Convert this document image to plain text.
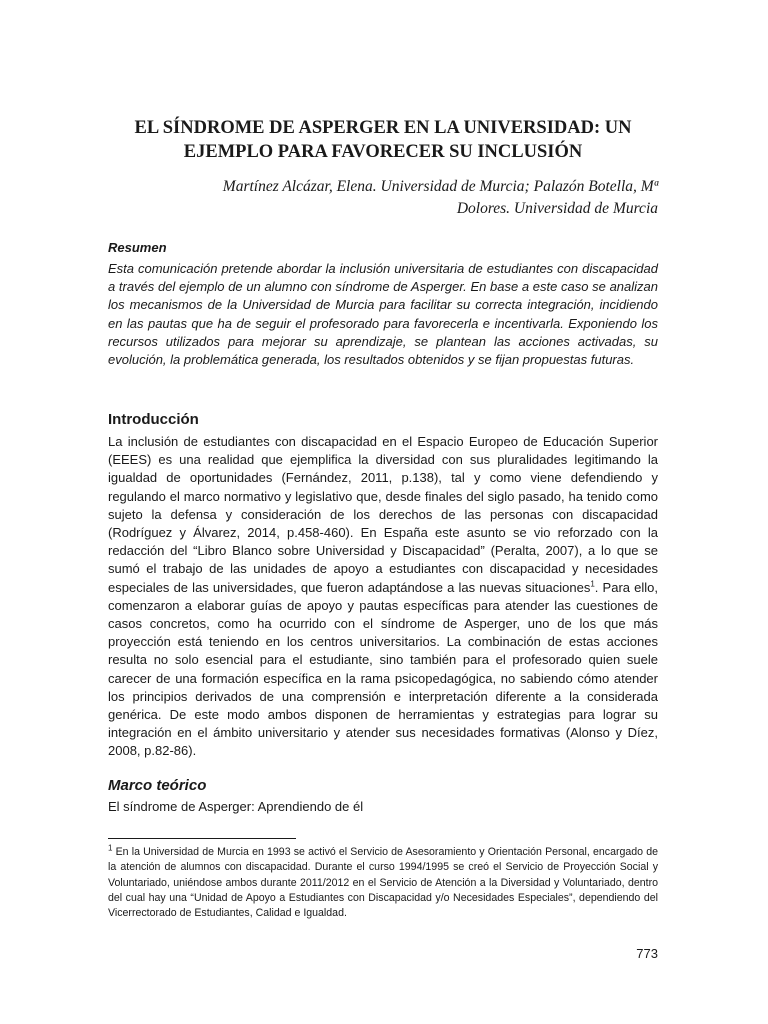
EL SÍNDROME DE ASPERGER EN LA UNIVERSIDAD: UN
EJEMPLO PARA FAVORECER SU INCLUSIÓN
Martínez Alcázar, Elena. Universidad de Murcia; Palazón Botella, Mª
Dolores. Universidad de Murcia
Resumen

Esta comunicación pretende abordar la inclusión universitaria de estudiantes con discapacidad a través del ejemplo de un alumno con síndrome de Asperger. En base a este caso se analizan los mecanismos de la Universidad de Murcia para facilitar su correcta integración, incidiendo en las pautas que ha de seguir el profesorado para favorecerla e incentivarla. Exponiendo los recursos utilizados para mejorar su aprendizaje, se plantean las acciones activadas, su evolución, la problemática generada, los resultados obtenidos y se fijan propuestas futuras.

Introducción

La inclusión de estudiantes con discapacidad en el Espacio Europeo de Educación Superior (EEES) es una realidad que ejemplifica la diversidad con sus pluralidades legitimando la igualdad de oportunidades (Fernández, 2011, p.138), tal y como viene defendiendo y regulando el marco normativo y legislativo que, desde finales del siglo pasado, ha tenido como sujeto la defensa y consideración de los derechos de las personas con discapacidad (Rodríguez y Álvarez, 2014, p.458-460). En España este asunto se vio reforzado con la redacción del “Libro Blanco sobre Universidad y Discapacidad” (Peralta, 2007), a lo que se sumó el trabajo de las unidades de apoyo a estudiantes con discapacidad y necesidades especiales de las universidades, que fueron adaptándose a las nuevas situaciones$^1$. Para ello, comenzaron a elaborar guías de apoyo y pautas específicas para atender las cuestiones de casos concretos, como ha ocurrido con el síndrome de Asperger, uno de los que más proyección está teniendo en los centros universitarios. La combinación de estas acciones resulta no solo esencial para el estudiante, sino también para el profesorado quien suele carecer de una formación específica en la rama psicopedagógica, no sabiendo cómo atender los principios derivados de una comprensión e interpretación diferente a la considerada genérica. De este modo ambos disponen de herramientas y estrategias para lograr su integración en el ámbito universitario y atender sus necesidades formativas (Alonso y Díez, 2008, p.82-86).

Marco teórico
El síndrome de Asperger: Aprendiendo de él

$^1$ En la Universidad de Murcia en 1993 se activó el Servicio de Asesoramiento y Orientación Personal, encargado de la atención de alumnos con discapacidad. Durante el curso 1994/1995 se creó el Servicio de Proyección Social y Voluntariado, uniéndose ambos durante 2011/2012 en el Servicio de Atención a la Diversidad y Voluntariado, dentro del cual hay una “Unidad de Apoyo a Estudiantes con Discapacidad y/o Necesidades Especiales”, dependiendo del Vicerrectorado de Estudiantes, Calidad e Igualdad.

773
